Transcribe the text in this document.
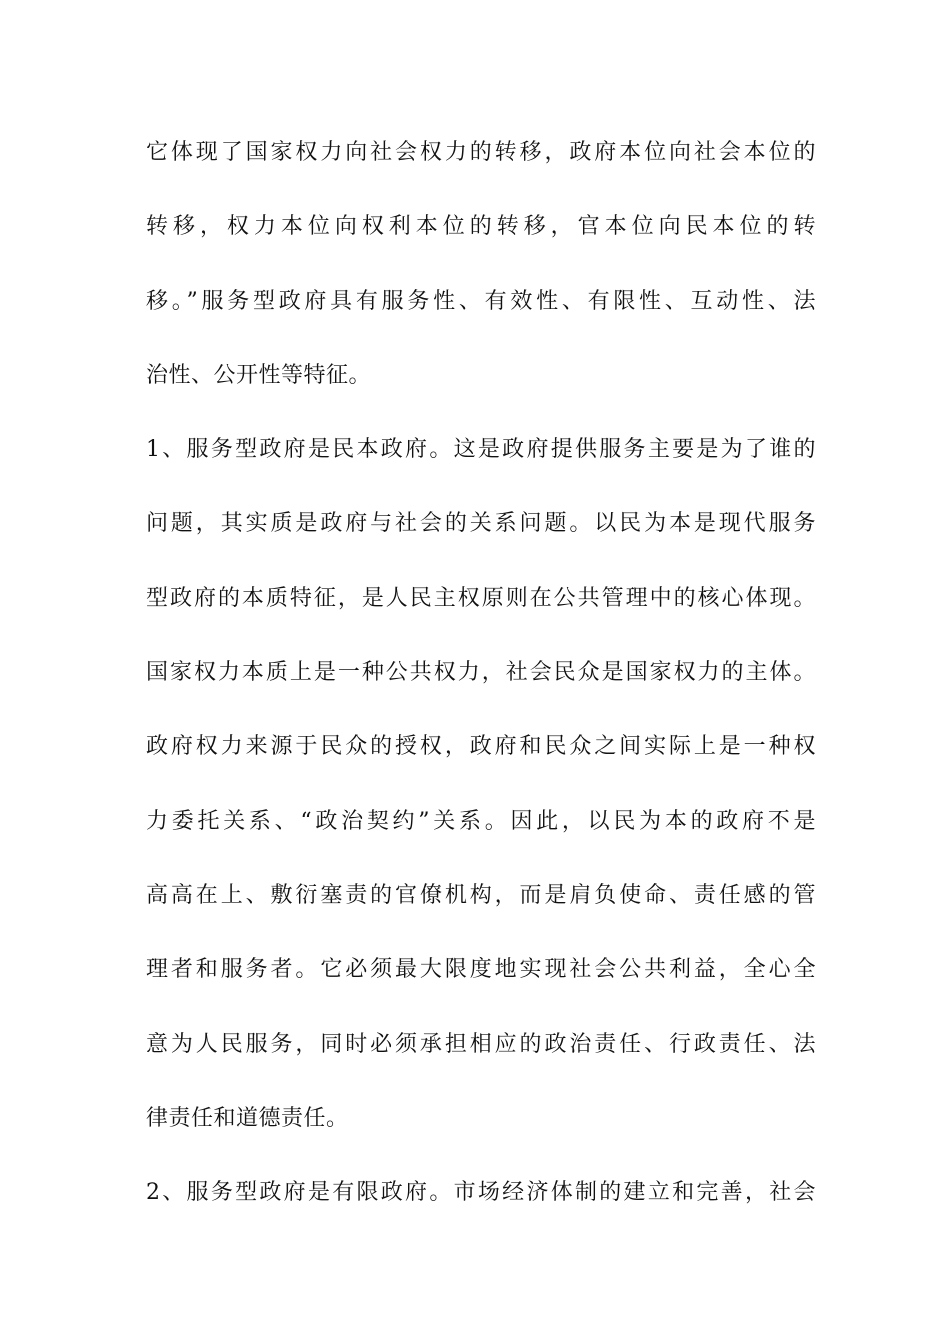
它体现了国家权力向社会权力的转移，政府本位向社会本位的
转移，权力本位向权利本位的转移，官本位向民本位的转
移。”服务型政府具有服务性、有效性、有限性、互动性、法
治性、公开性等特征。
1、服务型政府是民本政府。这是政府提供服务主要是为了谁的
问题，其实质是政府与社会的关系问题。以民为本是现代服务
型政府的本质特征，是人民主权原则在公共管理中的核心体现。
国家权力本质上是一种公共权力，社会民众是国家权力的主体。
政府权力来源于民众的授权，政府和民众之间实际上是一种权
力委托关系、“政治契约”关系。因此，以民为本的政府不是
高高在上、敷衍塞责的官僚机构，而是肩负使命、责任感的管
理者和服务者。它必须最大限度地实现社会公共利益，全心全
意为人民服务，同时必须承担相应的政治责任、行政责任、法
律责任和道德责任。
2、服务型政府是有限政府。市场经济体制的建立和完善，社会
